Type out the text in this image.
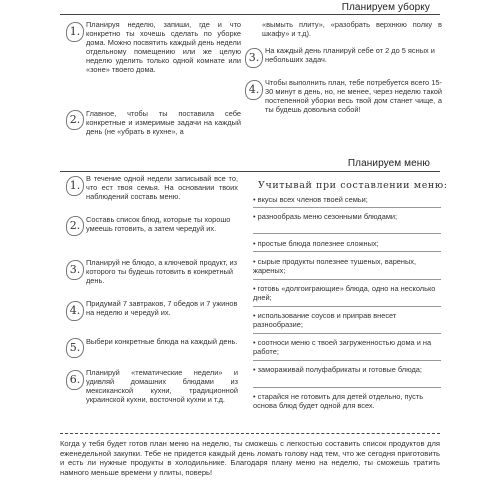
Планируем уборку
1.
Планируя неделю, запиши, где и что конкретно ты хочешь сделать по уборке дома. Можно посвятить каждый день недели отдельному помещению или же целую неделю уделить только одной комнате или «зоне» твоего дома.
2. Главное, чтобы ты поставила себе конкретные и измеримые задачи на каждый день (не «убрать в кухне», а
«вымыть плиту», «разобрать верхнюю полку в шкафу» и т.д).
3.
На каждый день планируй себе от 2 до 5 ясных и небольших задач.
4.
Чтобы выполнить план, тебе потребуется всего 15-30 минут в день, но, не менее, через неделю такой постепенной уборки весь твой дом станет чище, а ты будешь довольна собой!
Планируем меню
1.
В течение одной недели записывай все то, что ест твоя семья. На основании твоих наблюдений составь меню.
2. Составь список блюд, которые ты хорошо умеешь готовить, а затем чередуй их.
3.
Планируй не блюдо, а ключевой продукт, из которого ты будешь готовить в конкретный день.
4.
Придумай 7 завтраков, 7 обедов и 7 ужинов на неделю и чередуй их.
5. Выбери конкретные блюда на каждый день.
6.
Планируй «тематические недели» и удивляй домашних блюдами из мексиканской кухни, традиционной украинской кухни, восточной кухни и т.д.
Учитывай при составлении меню:
• вкусы всех членов твоей семьи;
• разнообразь меню сезонными блюдами;
• простые блюда полезнее сложных;
• сырые продукты полезнее тушеных, вареных, жареных;
• готовь «долгоиграющие» блюда, одно на несколько дней;
• использование соусов и приправ внесет разнообразие;
• соотноси меню с твоей загруженностью дома и на работе;
• замораживай полуфабрикаты и готовые блюда;
• старайся не готовить для детей отдельно, пусть основа блюд будет одной для всех.
Когда у тебя будет готов план меню на неделю, ты сможешь с легкостью составить список продуктов для еженедельной закупки. Тебе не придется каждый день ломать голову над тем, что же сегодня приготовить и есть ли нужные продукты в холодильнике. Благодаря плану меню на неделю, ты сможешь тратить намного меньше времени у плиты, поверь!
